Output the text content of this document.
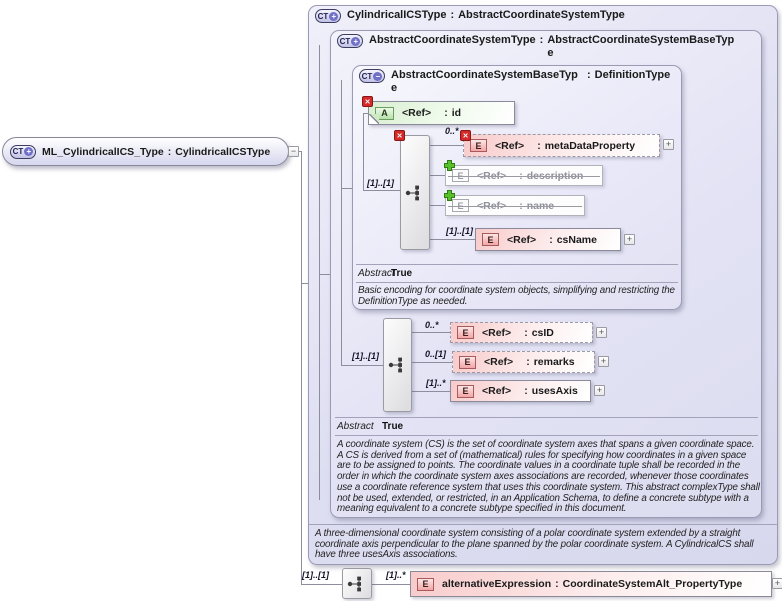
CT + CylindricalICSType : AbstractCoordinateSystemType
CT + AbstractCoordinateSystemType : AbstractCoordinateSystemBaseType
CT − AbstractCoordinateSystemBaseType
: DefinitionType
CT + ML_CylindricalICS_Type : CylindricalICSType	−
A	<Ref> : id
✕
✕
[1]..[1]
0..*
E	<Ref> : metaDataProperty
✕
+
E	<Ref> : description
E	<Ref> : name
[1]..[1]
E	<Ref> : csName	+
Abstract
True
Basic encoding for coordinate system objects, simplifying and restricting the DefinitionType as needed.
[1]..[1]
0..*
E	<Ref> : csID	+
0..[1]
E	<Ref> : remarks	+
[1]..*
E	<Ref> : usesAxis	+
Abstract True
A coordinate system (CS) is the set of coordinate system axes that spans a given coordinate space. A CS is derived from a set of (mathematical) rules for specifying how coordinates in a given space are to be assigned to points. The coordinate values in a coordinate tuple shall be recorded in the order in which the coordinate system axes associations are recorded, whenever those coordinates use a coordinate reference system that uses this coordinate system. This abstract complexType shall not be used, extended, or restricted, in an Application Schema, to define a concrete subtype with a meaning equivalent to a concrete subtype specified in this document.
A three-dimensional coordinate system consisting of a polar coordinate system extended by a straight coordinate axis perpendicular to the plane spanned by the polar coordinate system. A CylindricalCS shall have three usesAxis associations.
[1]..[1]	[1]..*
E	alternativeExpression : CoordinateSystemAlt_PropertyType	+
